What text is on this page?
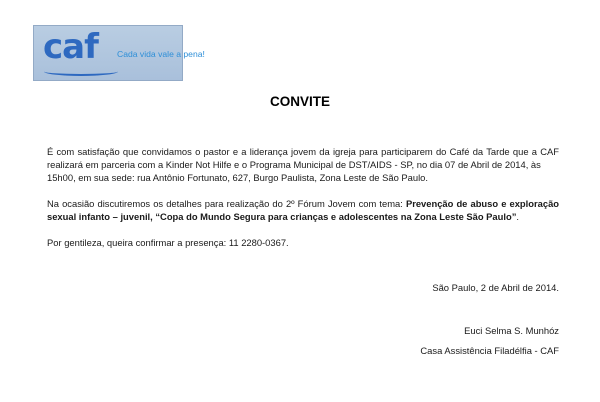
caf Cada vida vale a pena!
CONVITE
É com satisfação que convidamos o pastor e a liderança jovem da igreja para participarem do Café da Tarde que a CAF realizará em parceria com a Kinder Not Hilfe e o Programa Municipal de DST/AIDS - SP, no dia 07 de Abril de 2014, às
15h00, em sua sede: rua Antônio Fortunato, 627, Burgo Paulista, Zona Leste de São Paulo.
Na ocasião discutiremos os detalhes para realização do 2º Fórum Jovem com tema: Prevenção de abuso e exploração sexual infanto – juvenil, “Copa do Mundo Segura para crianças e adolescentes na Zona Leste São Paulo”.
Por gentileza, queira confirmar a presença: 11 2280-0367.
São Paulo, 2 de Abril de 2014.
Euci Selma S. Munhóz
Casa Assistência Filadélfia - CAF
